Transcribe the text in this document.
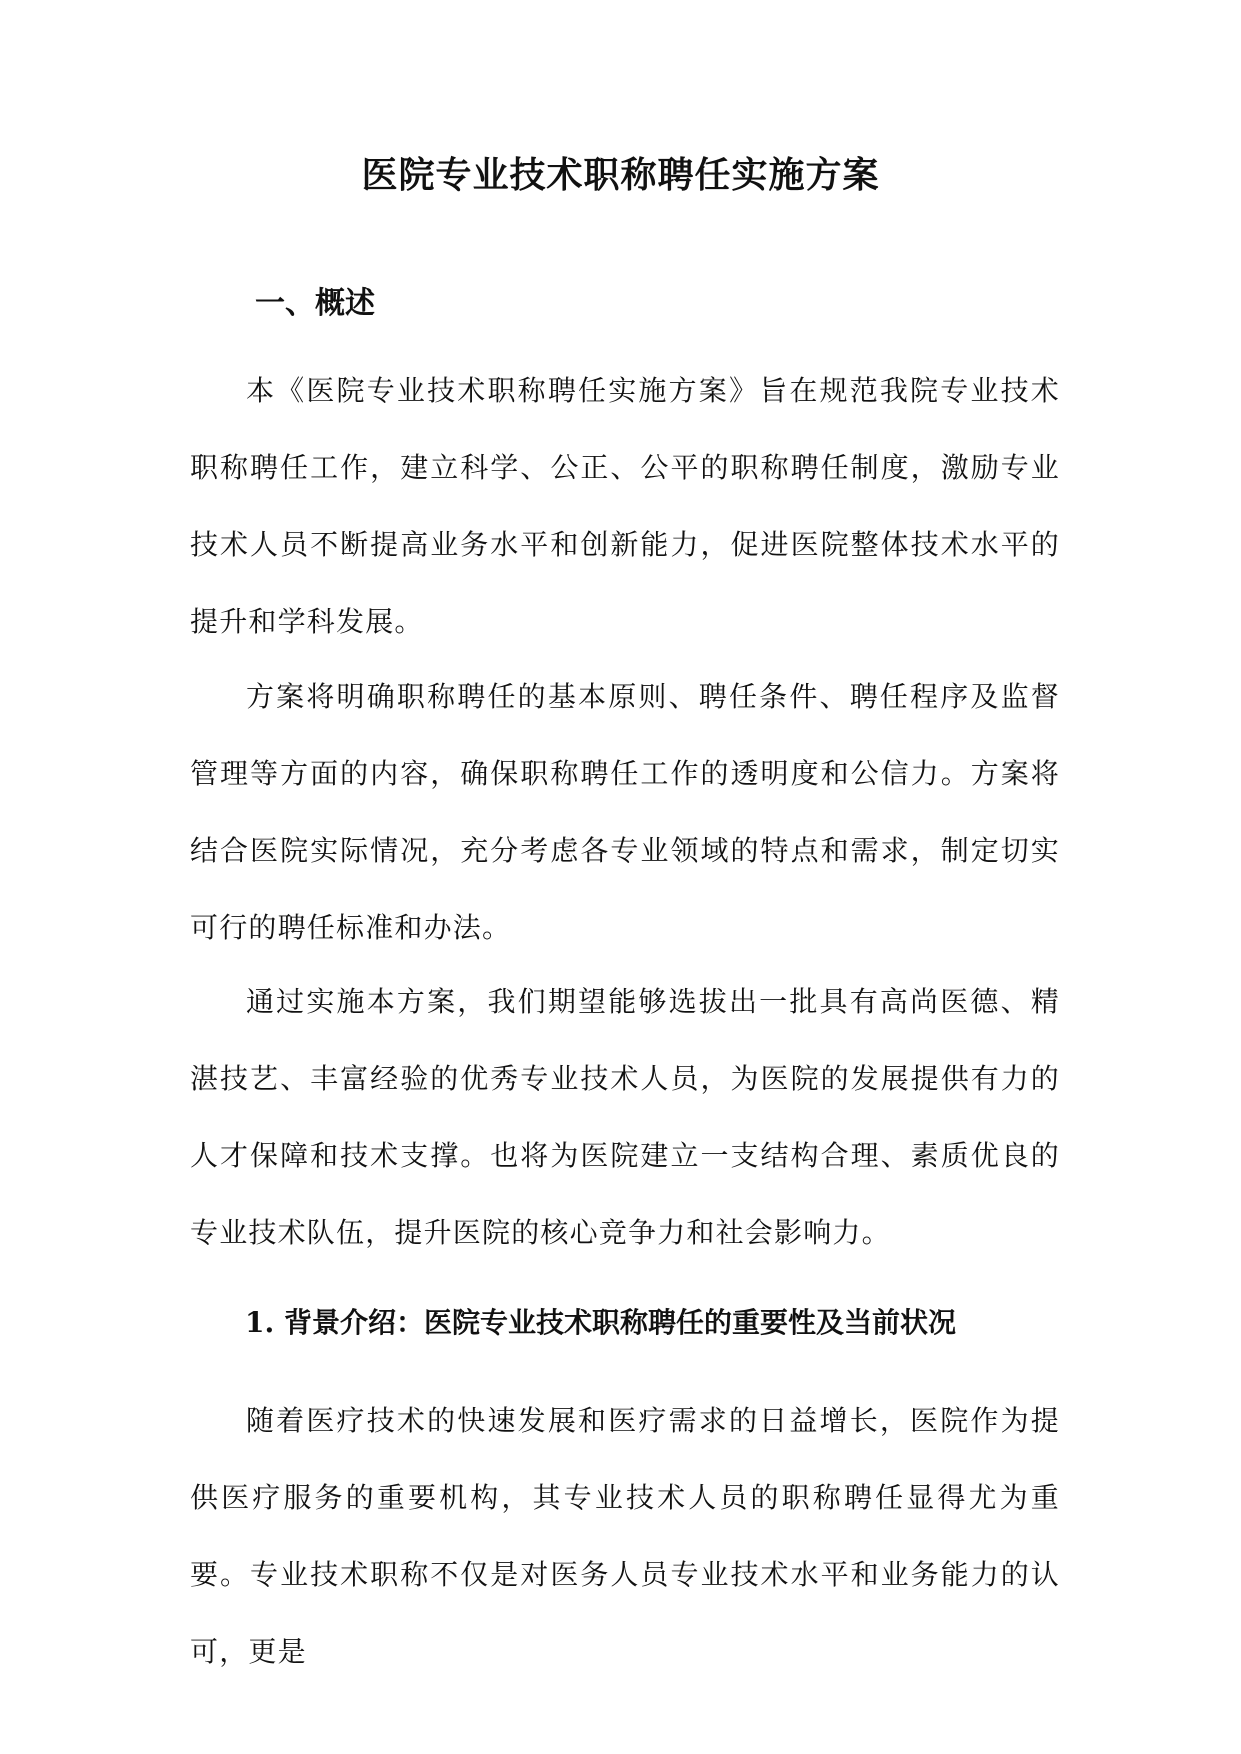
医院专业技术职称聘任实施方案
一、概述

本《医院专业技术职称聘任实施方案》旨在规范我院专业技术职称聘任工作，建立科学、公正、公平的职称聘任制度，激励专业技术人员不断提高业务水平和创新能力，促进医院整体技术水平的提升和学科发展。

方案将明确职称聘任的基本原则、聘任条件、聘任程序及监督管理等方面的内容，确保职称聘任工作的透明度和公信力。方案将结合医院实际情况，充分考虑各专业领域的特点和需求，制定切实可行的聘任标准和办法。

通过实施本方案，我们期望能够选拔出一批具有高尚医德、精湛技艺、丰富经验的优秀专业技术人员，为医院的发展提供有力的人才保障和技术支撑。也将为医院建立一支结构合理、素质优良的专业技术队伍，提升医院的核心竞争力和社会影响力。

1. 背景介绍：医院专业技术职称聘任的重要性及当前状况

随着医疗技术的快速发展和医疗需求的日益增长，医院作为提供医疗服务的重要机构，其专业技术人员的职称聘任显得尤为重要。专业技术职称不仅是对医务人员专业技术水平和业务能力的认可，更是
